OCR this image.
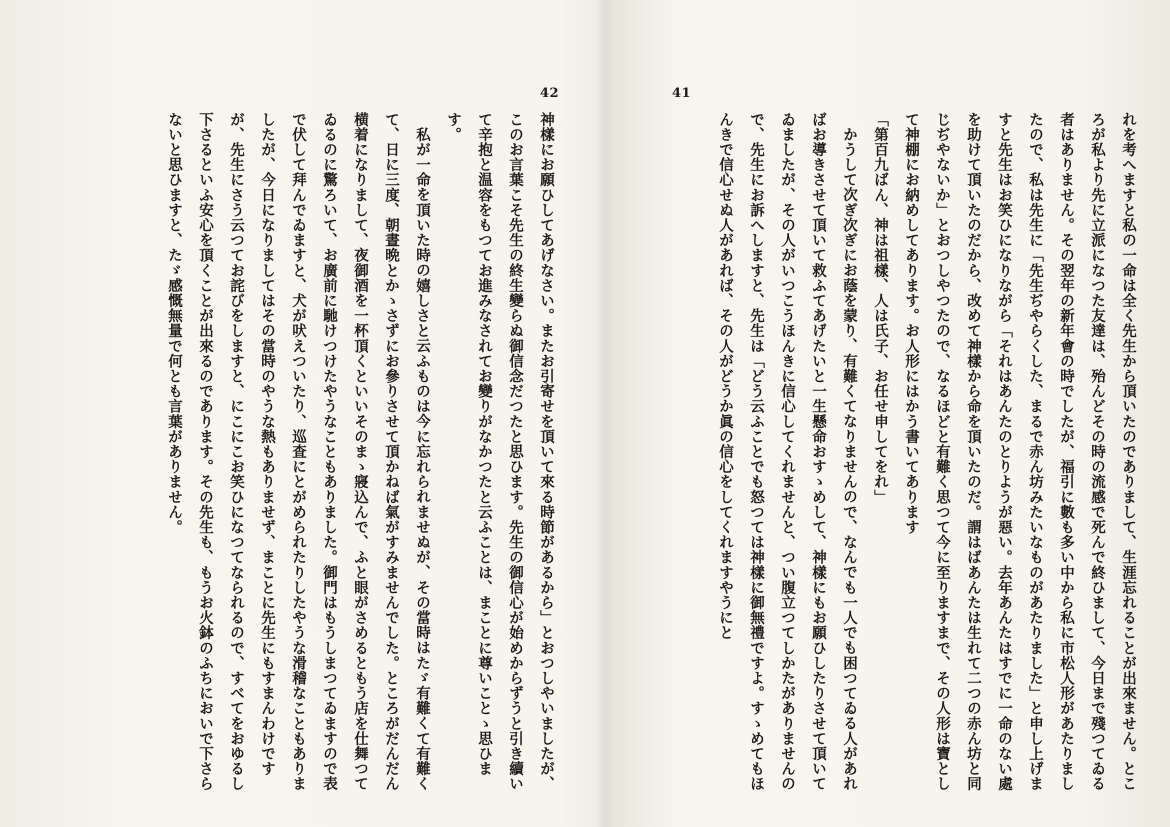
42	41

神樣にお願ひしてあげなさい。またお引寄せを頂いて來る時節があるから」とおつしやいましたが、このお言葉こそ先生の終生變らぬ御信念だつたと思ひます。先生の御信心が始めからずうと引き續いて辛抱と温容をもつてお進みなされてお變りがなかつたと云ふことは、まことに尊いことゝ思ひます。

私が一命を頂いた時の嬉しさと云ふものは今に忘れられませぬが、その當時はたゞ有難くて有難くて、日に三度、朝晝晩とかゝさずにお參りさせて頂かねば氣がすみませんでした。ところがだんだん横着になりまして、夜御酒を一杯頂くといいそのまゝ寢込んで、ふと眼がさめるともう店を仕舞つてゐるのに驚ろいて、お廣前に馳けつけたやうなこともありました。御門はもうしまつてゐますので表で伏して拜んでゐますと、犬が吠えついたり、巡査にとがめられたりしたやうな滑稽なこともありましたが、今日になりましてはその當時のやうな熱もありませず、まことに先生にもすまんわけですが、先生にさう云つてお詫びをしますと、にこにこお笑ひになつてなられるので、すべてをおゆるし下さるといふ安心を頂くことが出來るのであります。その先生も、もうお火鉢のふちにおいで下さらないと思ひますと、たゞ感慨無量で何とも言葉がありません。	れを考へますと私の一命は全く先生から頂いたのでありまして、生涯忘れることが出來ません。ところが私より先に立派になつた友達は、殆んどその時の流感で死んで終ひまして、今日まで殘つてゐる者はありません。その翌年の新年會の時でしたが、福引に數も多い中から私に市松人形があたりましたので、私は先生に「先生ぢやらくした、まるで赤ん坊みたいなものがあたりました」と申し上げますと先生はお笑ひになりながら「それはあんたのとりようが惡い。去年あんたはすでに一命のない處を助けて頂いたのだから、改めて神樣から命を頂いたのだ。謂はばあんたは生れて二つの赤ん坊と同じぢやないか」とおつしやつたので、なるほどと有難く思つて今に至りますまで、その人形は寶として神棚にお納めしてあります。お人形にはかう書いてあります

「第百九ばん、神は祖樣、人は氏子、お任せ申してをれ」

かうして次ぎ次ぎにお蔭を蒙り、有難くてなりませんので、なんでも一人でも困つてゐる人があればお導きさせて頂いて救ふてあげたいと一生懸命おすゝめして、神樣にもお願ひしたりさせて頂いてゐましたが、その人がいつこうほんきに信心してくれませんと、つい腹立つてしかたがありませんので、先生にお訴へしますと、先生は「どう云ふことでも怒つては神樣に御無禮ですよ。すゝめてもほんきで信心せぬ人があれば、その人がどうか眞の信心をしてくれますやうにと
